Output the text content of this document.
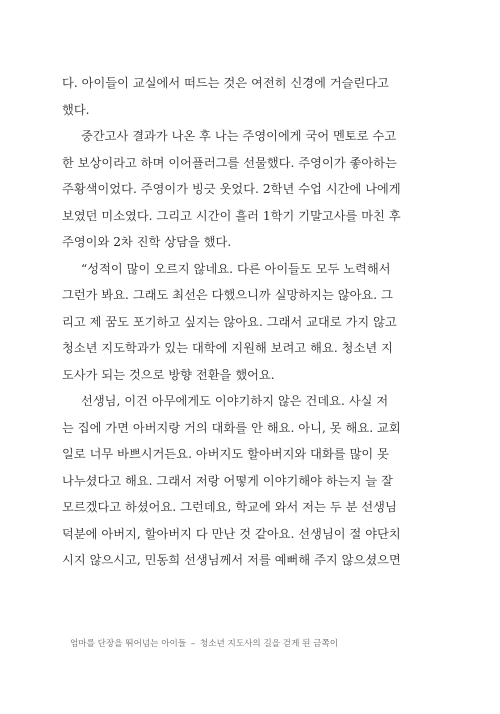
다. 아이들이 교실에서 떠드는 것은 여전히 신경에 거슬린다고
했다.
중간고사 결과가 나온 후 나는 주영이에게 국어 멘토로 수고
한 보상이라고 하며 이어플러그를 선물했다. 주영이가 좋아하는
주황색이었다. 주영이가 빙긋 웃었다. 2학년 수업 시간에 나에게
보였던 미소였다. 그리고 시간이 흘러 1학기 기말고사를 마친 후
주영이와 2차 진학 상담을 했다.
“성적이 많이 오르지 않네요. 다른 아이들도 모두 노력해서
그런가 봐요. 그래도 최선은 다했으니까 실망하지는 않아요. 그
리고 제 꿈도 포기하고 싶지는 않아요. 그래서 교대로 가지 않고
청소년 지도학과가 있는 대학에 지원해 보려고 해요. 청소년 지
도사가 되는 것으로 방향 전환을 했어요.
선생님, 이건 아무에게도 이야기하지 않은 건데요. 사실 저
는 집에 가면 아버지랑 거의 대화를 안 해요. 아니, 못 해요. 교회
일로 너무 바쁘시거든요. 아버지도 할아버지와 대화를 많이 못
나누셨다고 해요. 그래서 저랑 어떻게 이야기해야 하는지 늘 잘
모르겠다고 하셨어요. 그런데요, 학교에 와서 저는 두 분 선생님
덕분에 아버지, 할아버지 다 만난 것 같아요. 선생님이 절 야단치
시지 않으시고, 민동희 선생님께서 저를 예뻐해 주지 않으셨으면
엄마를 단장을 뛰어넘는 아이들 – 청소년 지도사의 길을 걷게 된 금쪽이
